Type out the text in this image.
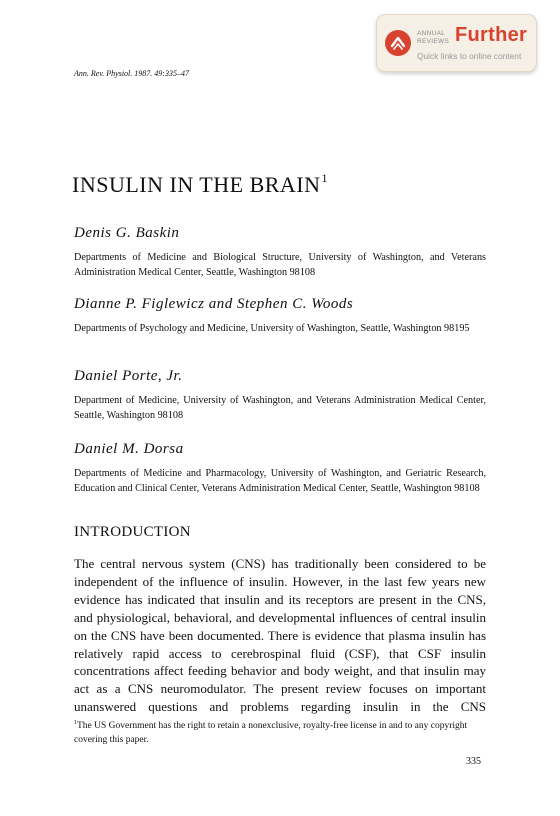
ANNUAL
REVIEWS Further
Quick links to online content
Ann. Rev. Physiol. 1987. 49:335–47
INSULIN IN THE BRAIN$^1$
Denis G. Baskin
Departments of Medicine and Biological Structure, University of Washington, and Veterans Administration Medical Center, Seattle, Washington 98108
Dianne P. Figlewicz and Stephen C. Woods
Departments of Psychology and Medicine, University of Washington, Seattle, Washington 98195
Daniel Porte, Jr.
Department of Medicine, University of Washington, and Veterans Administration Medical Center, Seattle, Washington 98108
Daniel M. Dorsa
Departments of Medicine and Pharmacology, University of Washington, and Geriatric Research, Education and Clinical Center, Veterans Administration Medical Center, Seattle, Washington 98108
INTRODUCTION
The central nervous system (CNS) has traditionally been considered to be independent of the influence of insulin. However, in the last few years new evidence has indicated that insulin and its receptors are present in the CNS, and physiological, behavioral, and developmental influences of central insulin on the CNS have been documented. There is evidence that plasma insulin has relatively rapid access to cerebrospinal fluid (CSF), that CSF insulin concentrations affect feeding behavior and body weight, and that insulin may act as a CNS neuromodulator. The present review focuses on important unanswered questions and problems regarding insulin in the CNS
$^1$The US Government has the right to retain a nonexclusive, royalty-free license in and to any copyright covering this paper.
335
